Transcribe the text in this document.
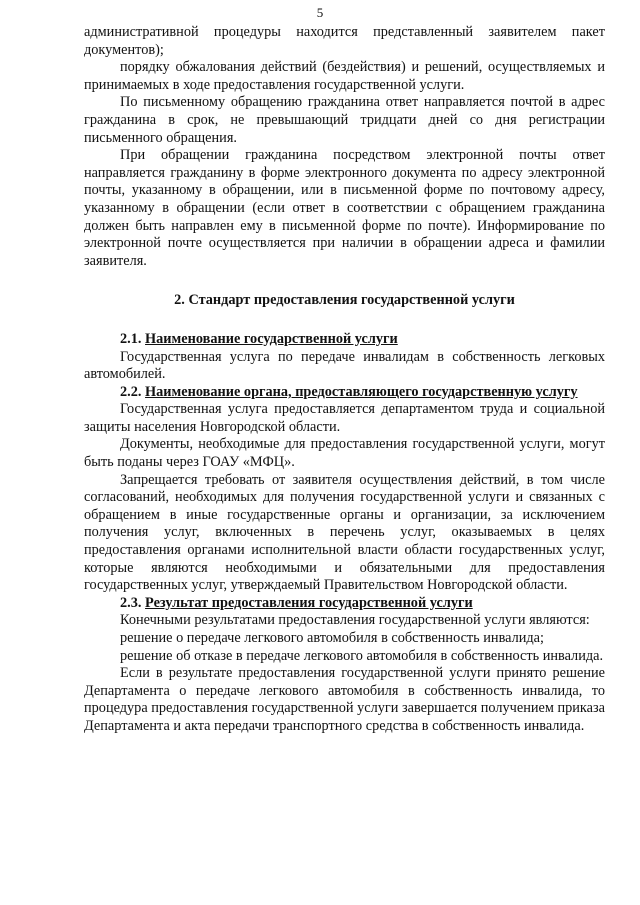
5

административной процедуры находится представленный заявителем пакет документов);

порядку обжалования действий (бездействия) и решений, осуществляемых и принимаемых в ходе предоставления государственной услуги.

По письменному обращению гражданина ответ направляется почтой в адрес гражданина в срок, не превышающий тридцати дней со дня регистрации письменного обращения.

При обращении гражданина посредством электронной почты ответ направляется гражданину в форме электронного документа по адресу электронной почты, указанному в обращении, или в письменной форме по почтовому адресу, указанному в обращении (если ответ в соответствии с обращением гражданина должен быть направлен ему в письменной форме по почте). Информирование по электронной почте осуществляется при наличии в обращении адреса и фамилии заявителя.

2. Стандарт предоставления государственной услуги
2.1. Наименование государственной услуги

Государственная услуга по передаче инвалидам в собственность легковых автомобилей.

2.2. Наименование органа, предоставляющего государственную услугу

Государственная услуга предоставляется департаментом труда и социальной защиты населения Новгородской области.

Документы, необходимые для предоставления государственной услуги, могут быть поданы через ГОАУ «МФЦ».

Запрещается требовать от заявителя осуществления действий, в том числе согласований, необходимых для получения государственной услуги и связанных с обращением в иные государственные органы и организации, за исключением получения услуг, включенных в перечень услуг, оказываемых в целях предоставления органами исполнительной власти области государственных услуг, которые являются необходимыми и обязательными для предоставления государственных услуг, утверждаемый Правительством Новгородской области.

2.3. Результат предоставления государственной услуги

Конечными результатами предоставления государственной услуги являются:

решение о передаче легкового автомобиля в собственность инвалида;

решение об отказе в передаче легкового автомобиля в собственность инвалида.

Если в результате предоставления государственной услуги принято решение Департамента о передаче легкового автомобиля в собственность инвалида, то процедура предоставления государственной услуги завершается получением приказа Департамента и акта передачи транспортного средства в собственность инвалида.
